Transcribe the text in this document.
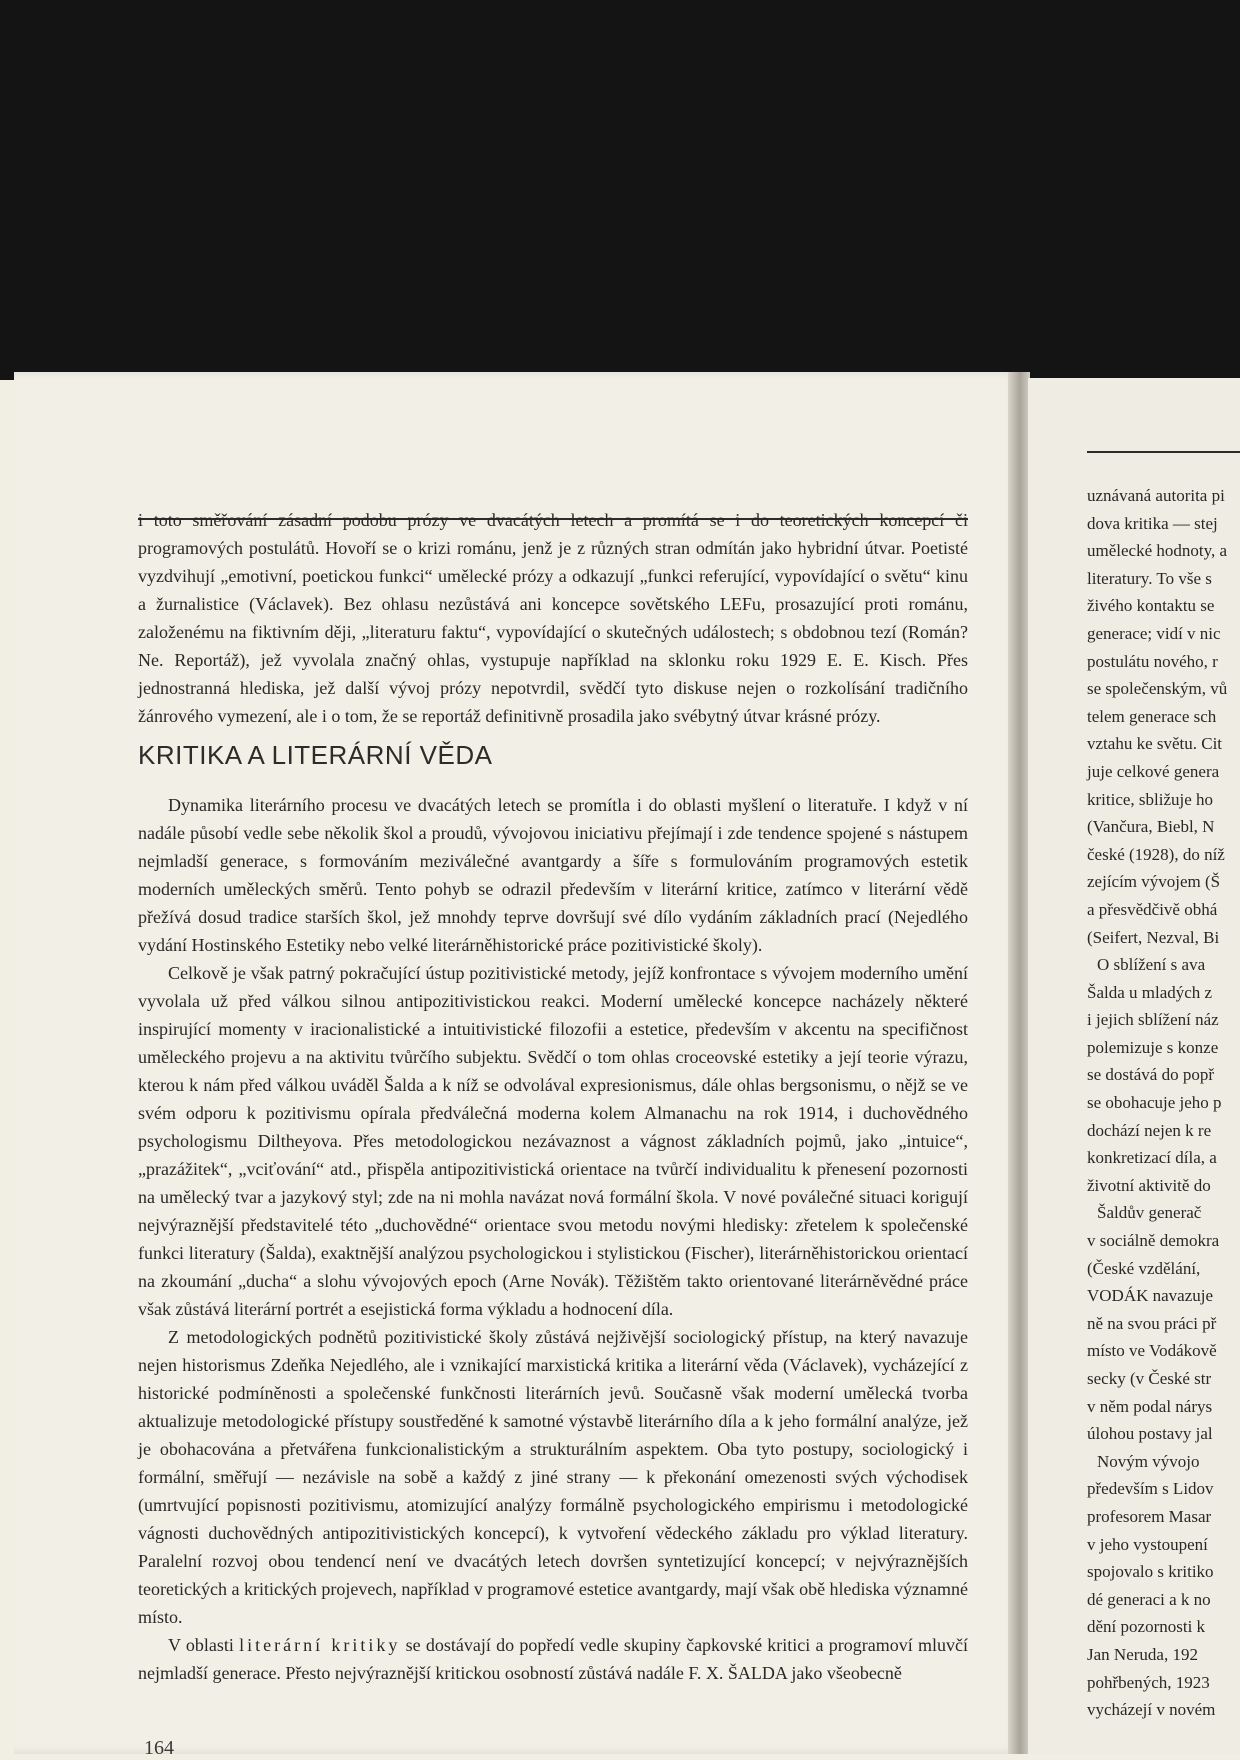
i toto směřování zásadní podobu prózy ve dvacátých letech a promítá se i do teoretických koncepcí či programových postulátů. Hovoří se o krizi románu, jenž je z různých stran odmítán jako hybridní útvar. Poetisté vyzdvihují „emotivní, poetickou funkci“ umělecké prózy a odkazují „funkci referující, vypovídající o světu“ kinu a žurnalistice (Václavek). Bez ohlasu nezůstává ani koncepce sovětského LEFu, prosazující proti románu, založenému na fiktivním ději, „literaturu faktu“, vypovídající o skutečných událostech; s obdobnou tezí (Román? Ne. Reportáž), jež vyvolala značný ohlas, vystupuje například na sklonku roku 1929 E. E. Kisch. Přes jednostranná hlediska, jež další vývoj prózy nepotvrdil, svědčí tyto diskuse nejen o rozkolísání tradičního žánrového vymezení, ale i o tom, že se reportáž definitivně prosadila jako svébytný útvar krásné prózy.

KRITIKA A LITERÁRNÍ VĚDA

Dynamika literárního procesu ve dvacátých letech se promítla i do oblasti myšlení o literatuře. I když v ní nadále působí vedle sebe několik škol a proudů, vývojovou iniciativu přejímají i zde tendence spojené s nástupem nejmladší generace, s formováním meziválečné avantgardy a šíře s formulováním programových estetik moderních uměleckých směrů. Tento pohyb se odrazil především v literární kritice, zatímco v literární vědě přežívá dosud tradice starších škol, jež mnohdy teprve dovršují své dílo vydáním základních prací (Nejedlého vydání Hostinského Estetiky nebo velké literárněhistorické práce pozitivistické školy).

Celkově je však patrný pokračující ústup pozitivistické metody, jejíž konfrontace s vývojem moderního umění vyvolala už před válkou silnou antipozitivistickou reakci. Moderní umělecké koncepce nacházely některé inspirující momenty v iracionalistické a intuitivistické filozofii a estetice, především v akcentu na specifičnost uměleckého projevu a na aktivitu tvůrčího subjektu. Svědčí o tom ohlas croceovské estetiky a její teorie výrazu, kterou k nám před válkou uváděl Šalda a k níž se odvolával expresionismus, dále ohlas bergsonismu, o nějž se ve svém odporu k pozitivismu opírala předválečná moderna kolem Almanachu na rok 1914, i duchovědného psychologismu Diltheyova. Přes metodologickou nezávaznost a vágnost základních pojmů, jako „intuice“, „prazážitek“, „vciťování“ atd., přispěla antipozitivistická orientace na tvůrčí individualitu k přenesení pozornosti na umělecký tvar a jazykový styl; zde na ni mohla navázat nová formální škola. V nové poválečné situaci korigují nejvýraznější představitelé této „duchovědné“ orientace svou metodu novými hledisky: zřetelem k společenské funkci literatury (Šalda), exaktnější analýzou psychologickou i stylistickou (Fischer), literárněhistorickou orientací na zkoumání „ducha“ a slohu vývojových epoch (Arne Novák). Těžištěm takto orientované literárněvědné práce však zůstává literární portrét a esejistická forma výkladu a hodnocení díla.

Z metodologických podnětů pozitivistické školy zůstává nejživější sociologický přístup, na který navazuje nejen historismus Zdeňka Nejedlého, ale i vznikající marxistická kritika a literární věda (Václavek), vycházející z historické podmíněnosti a společenské funkčnosti literárních jevů. Současně však moderní umělecká tvorba aktualizuje metodologické přístupy soustředěné k samotné výstavbě literárního díla a k jeho formální analýze, jež je obohacována a přetvářena funkcionalistickým a strukturálním aspektem. Oba tyto postupy, sociologický i formální, směřují — nezávisle na sobě a každý z jiné strany — k překonání omezenosti svých východisek (umrtvující popisnosti pozitivismu, atomizující analýzy formálně psychologického empirismu i metodologické vágnosti duchovědných antipozitivistických koncepcí), k vytvoření vědeckého základu pro výklad literatury. Paralelní rozvoj obou tendencí není ve dvacátých letech dovršen syntetizující koncepcí; v nejvýraznějších teoretických a kritických projevech, například v programové estetice avantgardy, mají však obě hlediska významné místo.

V oblasti literární kritiky se dostávají do popředí vedle skupiny čapkovské kritici a programoví mluvčí nejmladší generace. Přesto nejvýraznější kritickou osobností zůstává nadále F. X. ŠALDA jako všeobecně

164

uznávaná autorita pi

dova kritika — stej

umělecké hodnoty, a

literatury. To vše s

živého kontaktu se

generace; vidí v nic

postulátu nového, r

se společenským, vů

telem generace sch

vztahu ke světu. Cit

juje celkové genera

kritice, sbližuje ho

(Vančura, Biebl, N

české (1928), do níž

zejícím vývojem (Š

a přesvědčivě obhá

(Seifert, Nezval, Bi

O sblížení s ava

Šalda u mladých z

i jejich sblížení náz

polemizuje s konze

se dostává do popř

se obohacuje jeho p

dochází nejen k re

konkretizací díla, a

životní aktivitě do

Šaldův generač

v sociálně demokra

(České vzdělání,

VODÁK navazuje

ně na svou práci př

místo ve Vodákově

secky (v České str

v něm podal nárys

úlohou postavy jal

Novým vývojo

především s Lidov

profesorem Masar

v jeho vystoupení

spojovalo s kritiko

dé generaci a k no

dění pozornosti k

Jan Neruda, 192

pohřbených, 1923

vycházejí v novém
